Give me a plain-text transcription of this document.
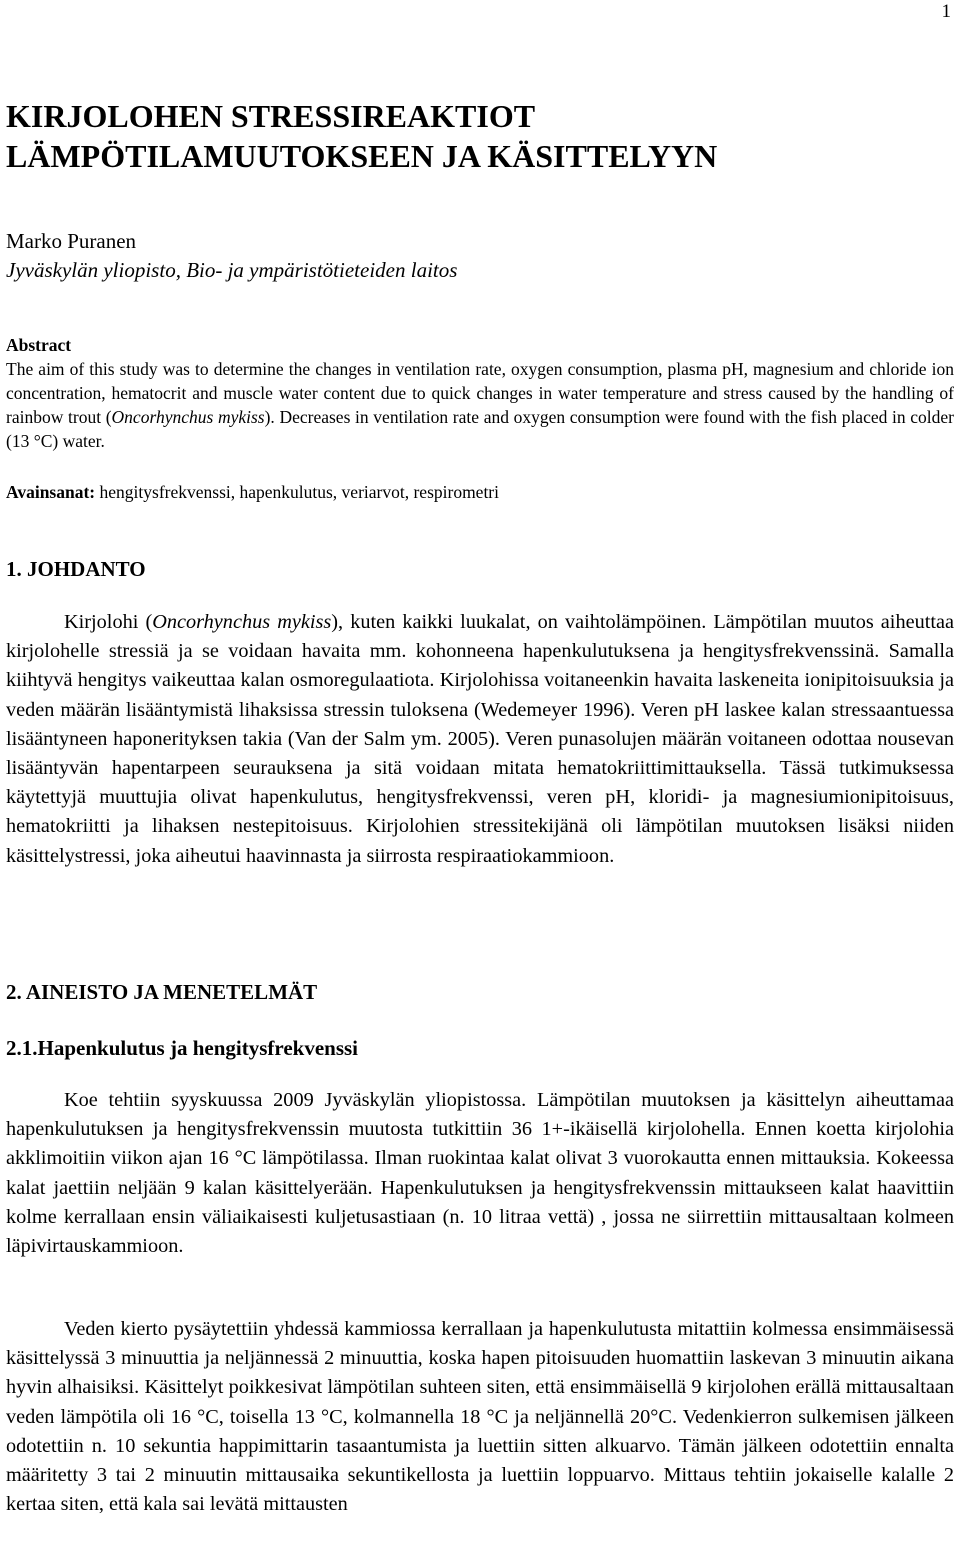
1
KIRJOLOHEN STRESSIREAKTIOT
LÄMPÖTILAMUUTOKSEEN JA KÄSITTELYYN
Marko Puranen
Jyväskylän yliopisto, Bio- ja ympäristötieteiden laitos
Abstract

The aim of this study was to determine the changes in ventilation rate, oxygen consumption, plasma pH, magnesium and chloride ion concentration, hematocrit and muscle water content due to quick changes in water temperature and stress caused by the handling of rainbow trout (Oncorhynchus mykiss). Decreases in ventilation rate and oxygen consumption were found with the fish placed in colder (13 °C) water.

Avainsanat: hengitysfrekvenssi, hapenkulutus, veriarvot, respirometri
1. JOHDANTO

Kirjolohi (Oncorhynchus mykiss), kuten kaikki luukalat, on vaihtolämpöinen. Lämpötilan muutos aiheuttaa kirjolohelle stressiä ja se voidaan havaita mm. kohonneena hapenkulutuksena ja hengitysfrekvenssinä. Samalla kiihtyvä hengitys vaikeuttaa kalan osmoregulaatiota. Kirjolohissa voitaneenkin havaita laskeneita ionipitoisuuksia ja veden määrän lisääntymistä lihaksissa stressin tuloksena (Wedemeyer 1996). Veren pH laskee kalan stressaantuessa lisääntyneen haponerityksen takia (Van der Salm ym. 2005). Veren punasolujen määrän voitaneen odottaa nousevan lisääntyvän hapentarpeen seurauksena ja sitä voidaan mitata hematokriittimittauksella. Tässä tutkimuksessa käytettyjä muuttujia olivat hapenkulutus, hengitysfrekvenssi, veren pH, kloridi- ja magnesiumionipitoisuus, hematokriitti ja lihaksen nestepitoisuus. Kirjolohien stressitekijänä oli lämpötilan muutoksen lisäksi niiden käsittelystressi, joka aiheutui haavinnasta ja siirrosta respiraatiokammioon.

2. AINEISTO JA MENETELMÄT
2.1.Hapenkulutus ja hengitysfrekvenssi

Koe tehtiin syyskuussa 2009 Jyväskylän yliopistossa. Lämpötilan muutoksen ja käsittelyn aiheuttamaa hapenkulutuksen ja hengitysfrekvenssin muutosta tutkittiin 36 1+-ikäisellä kirjolohella. Ennen koetta kirjolohia akklimoitiin viikon ajan 16 °C lämpötilassa. Ilman ruokintaa kalat olivat 3 vuorokautta ennen mittauksia. Kokeessa kalat jaettiin neljään 9 kalan käsittelyerään. Hapenkulutuksen ja hengitysfrekvenssin mittaukseen kalat haavittiin kolme kerrallaan ensin väliaikaisesti kuljetusastiaan (n. 10 litraa vettä) , jossa ne siirrettiin mittausaltaan kolmeen läpivirtauskammioon.

Veden kierto pysäytettiin yhdessä kammiossa kerrallaan ja hapenkulutusta mitattiin kolmessa ensimmäisessä käsittelyssä 3 minuuttia ja neljännessä 2 minuuttia, koska hapen pitoisuuden huomattiin laskevan 3 minuutin aikana hyvin alhaisiksi. Käsittelyt poikkesivat lämpötilan suhteen siten, että ensimmäisellä 9 kirjolohen erällä mittausaltaan veden lämpötila oli 16 °C, toisella 13 °C, kolmannella 18 °C ja neljännellä 20°C. Vedenkierron sulkemisen jälkeen odotettiin n. 10 sekuntia happimittarin tasaantumista ja luettiin sitten alkuarvo. Tämän jälkeen odotettiin ennalta määritetty 3 tai 2 minuutin mittausaika sekuntikellosta ja luettiin loppuarvo. Mittaus tehtiin jokaiselle kalalle 2 kertaa siten, että kala sai levätä mittausten
